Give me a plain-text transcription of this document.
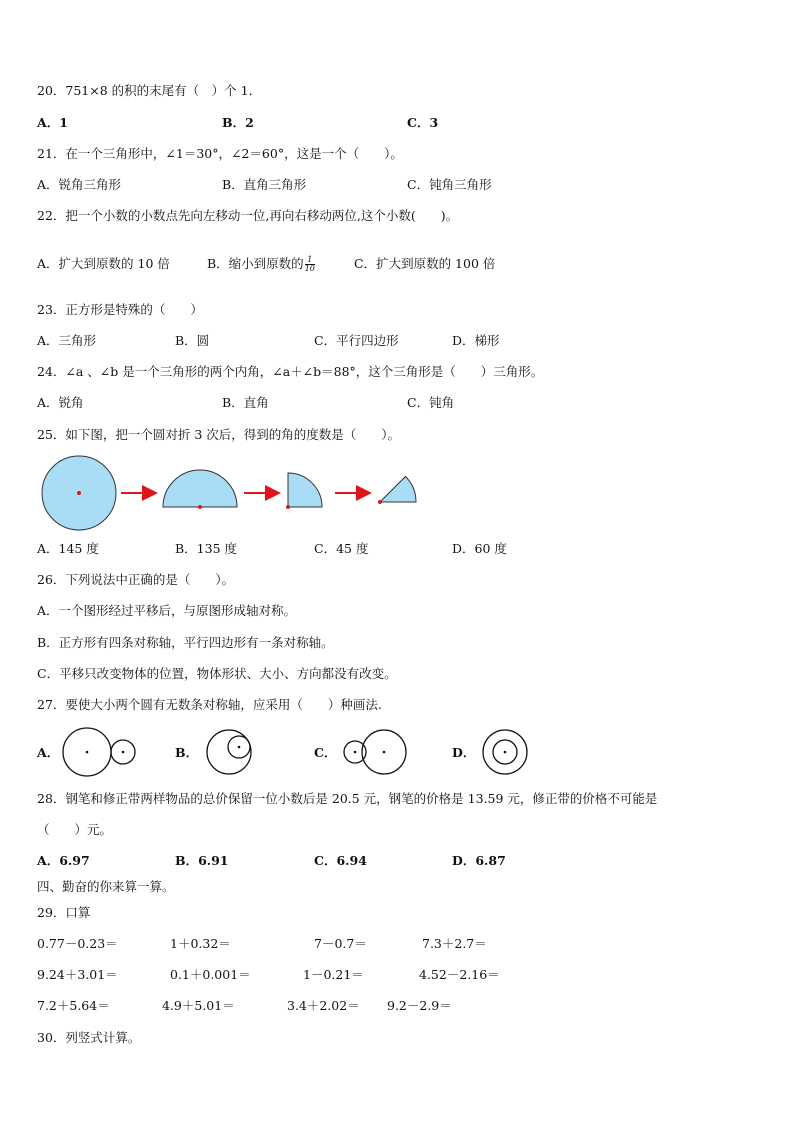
20．751×8 的积的末尾有（　）个 1．
A．1	B．2	C．3
21．在一个三角形中，∠1＝30°，∠2＝60°，这是一个（　　）。
A．锐角三角形	B．直角三角形	C．钝角三角形
22．把一个小数的小数点先向左移动一位,再向右移动两位,这个小数(　　)。
A．扩大到原数的 10 倍	B．缩小到原数的 $\frac{1}{10}$	C．扩大到原数的 100 倍
23．正方形是特殊的（　　）
A．三角形	B．圆	C．平行四边形	D．梯形
24．∠a 、∠b 是一个三角形的两个内角，∠a＋∠b＝88°，这个三角形是（　　）三角形。
A．锐角	B．直角	C．钝角
25．如下图，把一个圆对折 3 次后，得到的角的度数是（　　）。
A．145 度	B．135 度	C．45 度	D．60 度
26．下列说法中正确的是（　　）。
A．一个图形经过平移后，与原图形成轴对称。
B．正方形有四条对称轴，平行四边形有一条对称轴。
C．平移只改变物体的位置，物体形状、大小、方向都没有改变。
27．要使大小两个圆有无数条对称轴，应采用（　　）种画法.
A．	B．	C．	D．
28．钢笔和修正带两样物品的总价保留一位小数后是 20.5 元，钢笔的价格是 13.59 元，修正带的价格不可能是
（　　）元。
A．6.97	B．6.91	C．6.94	D．6.87
四、勤奋的你来算一算。
29．口算
0.77－0.23＝	1＋0.32＝	7－0.7＝	7.3＋2.7＝
9.24＋3.01＝	0.1＋0.001＝	1－0.21＝	4.52－2.16＝
7.2＋5.64＝	4.9＋5.01＝	3.4＋2.02＝ 9.2－2.9＝
30．列竖式计算。
